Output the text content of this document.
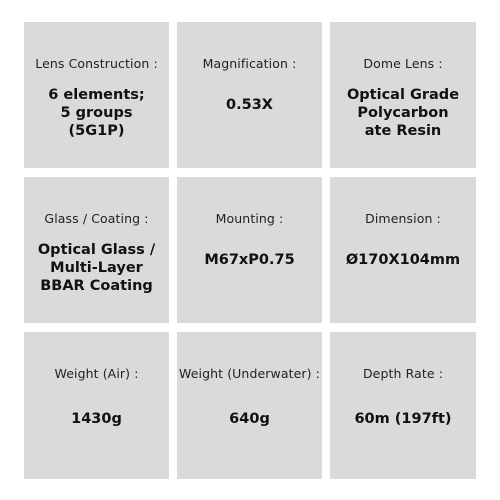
Lens Construction :
6 elements;
5 groups
(5G1P)
Magnification :
0.53X
Dome Lens :
Optical Grade
Polycarbon
ate Resin
Glass / Coating :
Optical Glass /
Multi-Layer
BBAR Coating
Mounting :
M67xP0.75
Dimension :
Ø170X104mm
Weight (Air) :
1430g
Weight (Underwater) :
640g
Depth Rate :
60m (197ft)
